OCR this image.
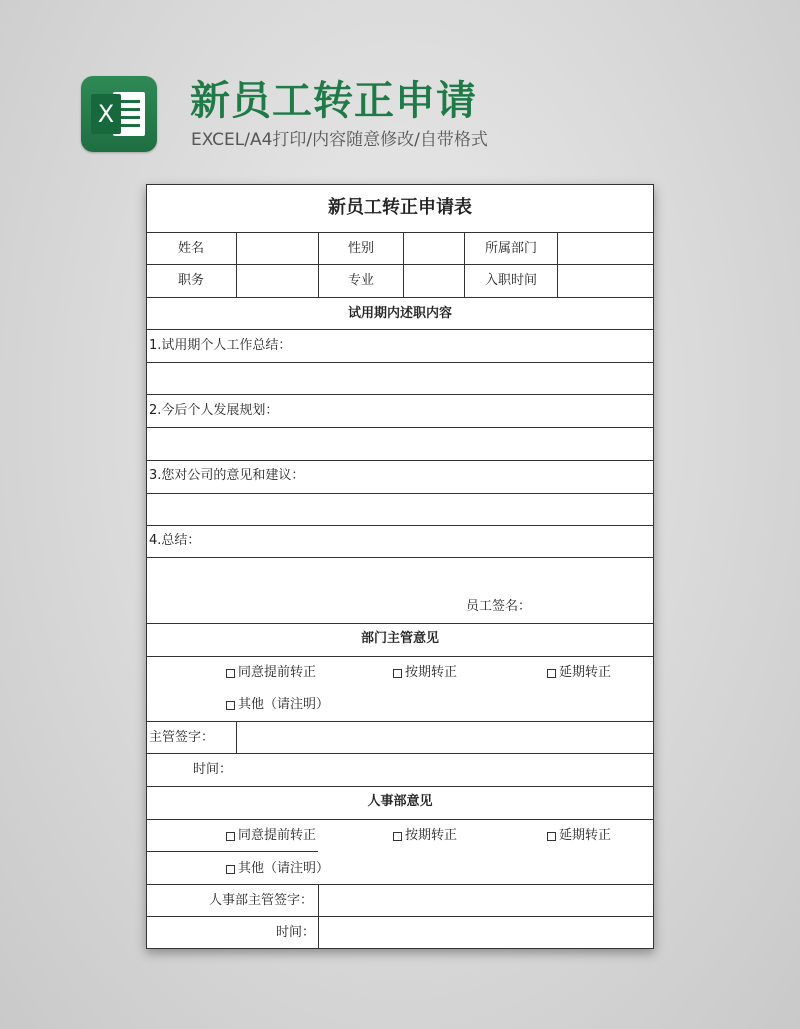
X 新员工转正申请
EXCEL/A4打印/内容随意修改/自带格式
新员工转正申请表
姓名	性别	所属部门
职务	专业	入职时间
试用期内述职内容
1.试用期个人工作总结：
2.今后个人发展规划：
3.您对公司的意见和建议：
4.总结：
员工签名：
部门主管意见
同意提前转正	按期转正	延期转正
其他（请注明）
主管签字：
时间：
人事部意见
同意提前转正	按期转正	延期转正
其他（请注明）
人事部主管签字：
时间：
